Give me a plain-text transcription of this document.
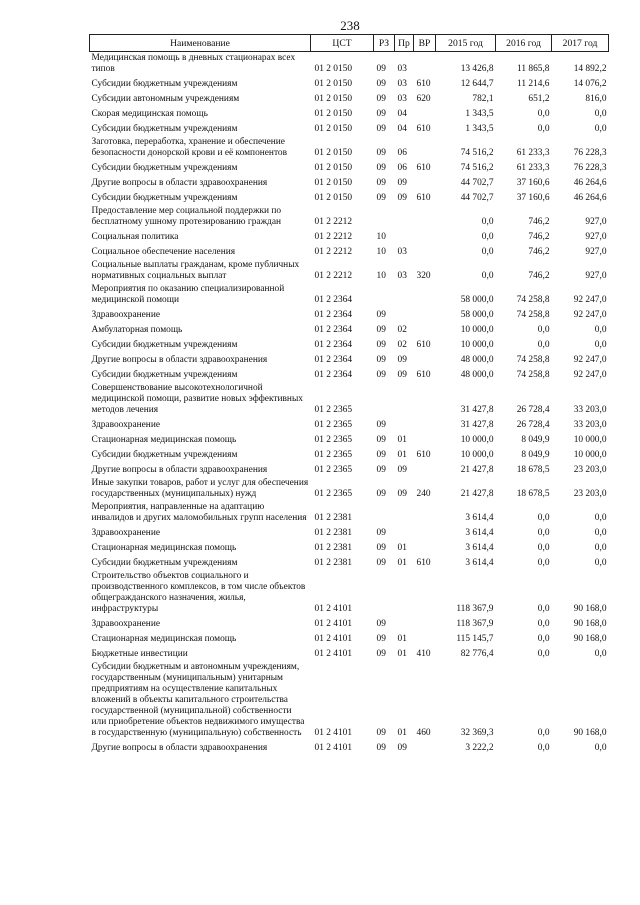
238
Наименование	ЦСТ	РЗ	Пр	ВР	2015 год	2016 год	2017 год
Медицинская помощь в дневных стационарах всех типов	01 2 0150	09	03		13 426,8	11 865,8	14 892,2
Субсидии бюджетным учреждениям	01 2 0150	09	03	610	12 644,7	11 214,6	14 076,2
Субсидии автономным учреждениям	01 2 0150	09	03	620	782,1	651,2	816,0
Скорая медицинская помощь	01 2 0150	09	04		1 343,5	0,0	0,0
Субсидии бюджетным учреждениям	01 2 0150	09	04	610	1 343,5	0,0	0,0
Заготовка, переработка, хранение и обеспечение безопасности донорской крови и её компонентов	01 2 0150	09	06		74 516,2	61 233,3	76 228,3
Субсидии бюджетным учреждениям	01 2 0150	09	06	610	74 516,2	61 233,3	76 228,3
Другие вопросы в области здравоохранения	01 2 0150	09	09		44 702,7	37 160,6	46 264,6
Субсидии бюджетным учреждениям	01 2 0150	09	09	610	44 702,7	37 160,6	46 264,6
Предоставление мер социальной поддержки по бесплатному ушному протезированию граждан	01 2 2212				0,0	746,2	927,0
Социальная политика	01 2 2212	10			0,0	746,2	927,0
Социальное обеспечение населения	01 2 2212	10	03		0,0	746,2	927,0
Социальные выплаты гражданам, кроме публичных нормативных социальных выплат	01 2 2212	10	03	320	0,0	746,2	927,0
Мероприятия по оказанию специализированной медицинской помощи	01 2 2364				58 000,0	74 258,8	92 247,0
Здравоохранение	01 2 2364	09			58 000,0	74 258,8	92 247,0
Амбулаторная помощь	01 2 2364	09	02		10 000,0	0,0	0,0
Субсидии бюджетным учреждениям	01 2 2364	09	02	610	10 000,0	0,0	0,0
Другие вопросы в области здравоохранения	01 2 2364	09	09		48 000,0	74 258,8	92 247,0
Субсидии бюджетным учреждениям	01 2 2364	09	09	610	48 000,0	74 258,8	92 247,0
Совершенствование высокотехнологичной медицинской помощи, развитие новых эффективных методов лечения	01 2 2365				31 427,8	26 728,4	33 203,0
Здравоохранение	01 2 2365	09			31 427,8	26 728,4	33 203,0
Стационарная медицинская помощь	01 2 2365	09	01		10 000,0	8 049,9	10 000,0
Субсидии бюджетным учреждениям	01 2 2365	09	01	610	10 000,0	8 049,9	10 000,0
Другие вопросы в области здравоохранения	01 2 2365	09	09		21 427,8	18 678,5	23 203,0
Иные закупки товаров, работ и услуг для обеспечения государственных (муниципальных) нужд	01 2 2365	09	09	240	21 427,8	18 678,5	23 203,0
Мероприятия, направленные на адаптацию инвалидов и других маломобильных групп населения	01 2 2381				3 614,4	0,0	0,0
Здравоохранение	01 2 2381	09			3 614,4	0,0	0,0
Стационарная медицинская помощь	01 2 2381	09	01		3 614,4	0,0	0,0
Субсидии бюджетным учреждениям	01 2 2381	09	01	610	3 614,4	0,0	0,0
Строительство объектов социального и производственного комплексов, в том числе объектов общегражданского назначения, жилья, инфраструктуры	01 2 4101				118 367,9	0,0	90 168,0
Здравоохранение	01 2 4101	09			118 367,9	0,0	90 168,0
Стационарная медицинская помощь	01 2 4101	09	01		115 145,7	0,0	90 168,0
Бюджетные инвестиции	01 2 4101	09	01	410	82 776,4	0,0	0,0
Субсидии бюджетным и автономным учреждениям, государственным (муниципальным) унитарным предприятиям на осуществление капитальных вложений в объекты капитального строительства государственной (муниципальной) собственности или приобретение объектов недвижимого имущества в государственную (муниципальную) собственность	01 2 4101	09	01	460	32 369,3	0,0	90 168,0
Другие вопросы в области здравоохранения	01 2 4101	09	09		3 222,2	0,0	0,0
